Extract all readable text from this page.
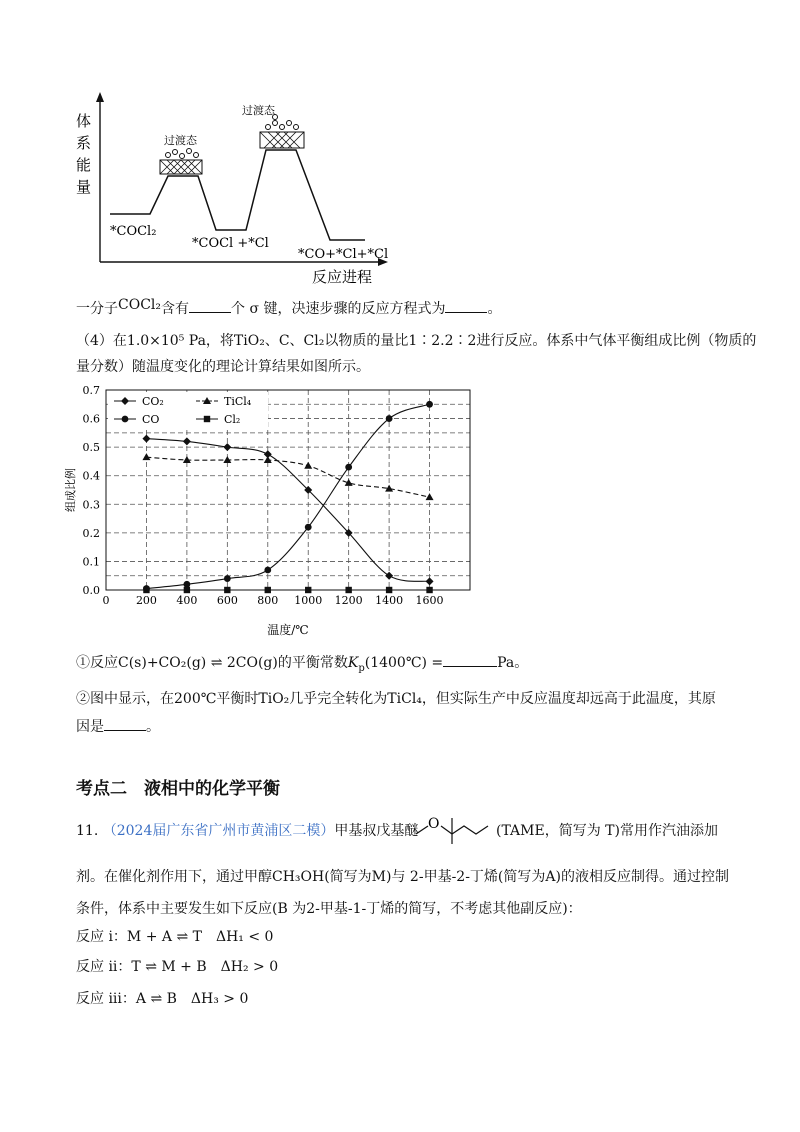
体
系
能
量
过渡态
过渡态
*COCl₂
*COCl +*Cl
*CO+*Cl+*Cl
反应进程
一分子COCl₂含有	个 σ 键，决速步骤的反应方程式为	。
（4）在1.0×10⁵ Pa，将TiO₂、C、Cl₂以物质的量比1∶2.2∶2进行反应。体系中气体平衡组成比例（物质的
量分数）随温度变化的理论计算结果如图所示。
0 200 400 600 800 1000 1200 1400 1600
0.0
0.1
0.2
0.3
0.4
0.5
0.6
0.7
CO₂
CO
TiCl₄
Cl₂
温度/℃
组成比例
①反应C(s)+CO₂(g) ⇌ 2CO(g)的平衡常数$K_p(1400℃)$ =	Pa。
②图中显示，在200℃平衡时TiO₂几乎完全转化为TiCl₄，但实际生产中反应温度却远高于此温度，其原
因是	。
考点二　液相中的化学平衡
11. （2024届广东省广州市黄浦区二模）甲基叔戊基醚 O	(TAME，简写为 T)常用作汽油添加
剂。在催化剂作用下，通过甲醇CH₃OH(简写为M)与 2-甲基-2-丁烯(简写为A)的液相反应制得。通过控制
条件，体系中主要发生如下反应(B 为2-甲基-1-丁烯的简写，不考虑其他副反应)：
反应 i：M + A ⇌ T　ΔH₁ < 0
反应 ii：T ⇌ M + B　ΔH₂ > 0
反应 iii：A ⇌ B　ΔH₃ > 0
